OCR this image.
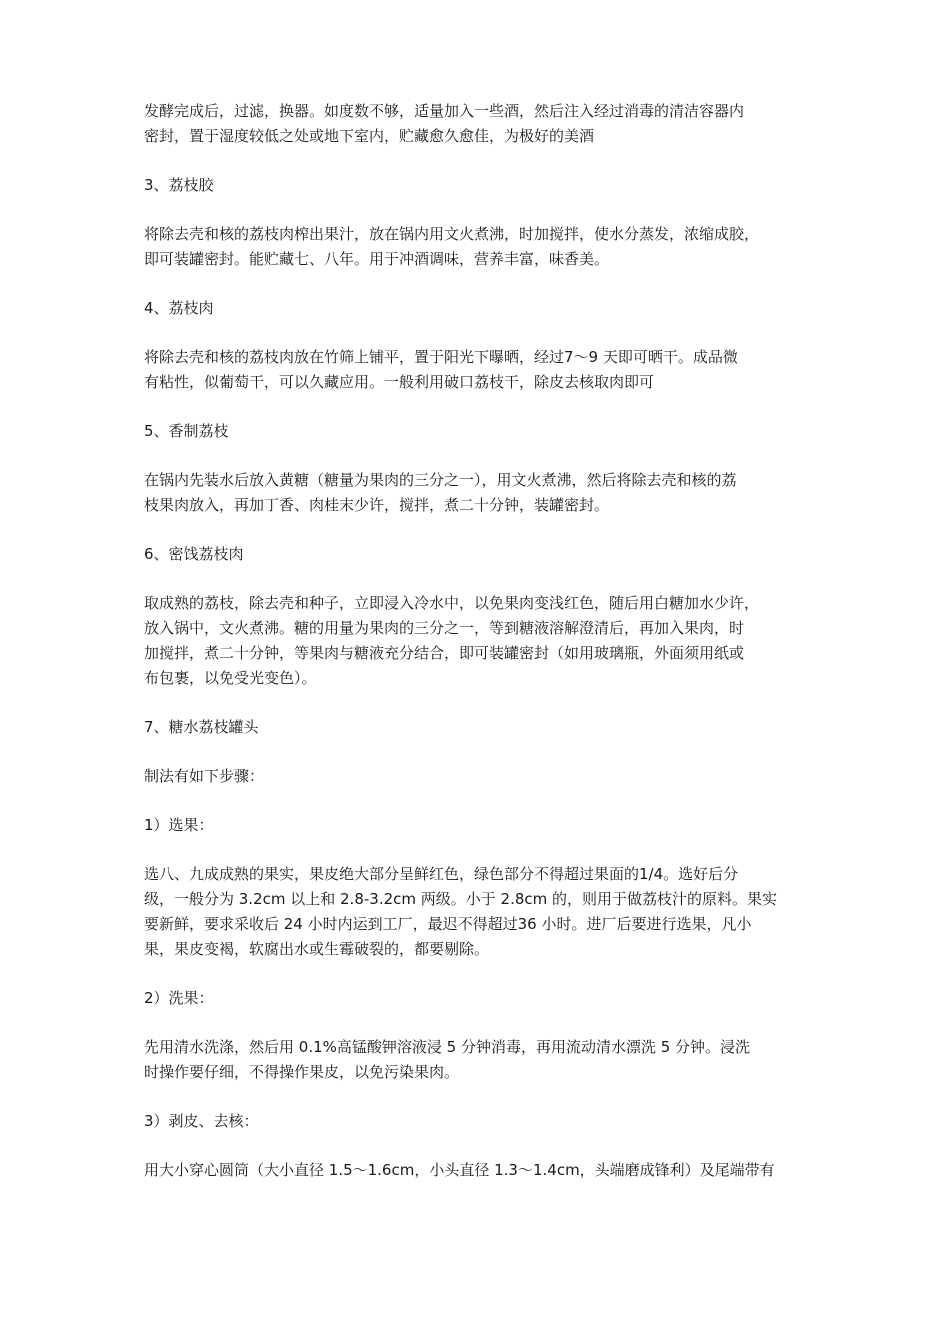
发酵完成后，过滤，换器。如度数不够，适量加入一些酒，然后注入经过消毒的清洁容器内
密封，置于湿度较低之处或地下室内，贮藏愈久愈佳，为极好的美酒

3、荔枝胶

将除去壳和核的荔枝肉榨出果汁，放在锅内用文火煮沸，时加搅拌，使水分蒸发，浓缩成胶，
即可装罐密封。能贮藏七、八年。用于冲酒调味，营养丰富，味香美。

4、荔枝肉

将除去壳和核的荔枝肉放在竹筛上铺平，置于阳光下曝晒，经过7～9 天即可晒干。成品微
有粘性，似葡萄干，可以久藏应用。一般利用破口荔枝干，除皮去核取肉即可

5、香制荔枝

在锅内先装水后放入黄糖（糖量为果肉的三分之一），用文火煮沸，然后将除去壳和核的荔
枝果肉放入，再加丁香、肉桂末少许，搅拌，煮二十分钟，装罐密封。

6、密饯荔枝肉

取成熟的荔枝，除去壳和种子，立即浸入冷水中，以免果肉变浅红色，随后用白糖加水少许，
放入锅中，文火煮沸。糖的用量为果肉的三分之一，等到糖液溶解澄清后，再加入果肉，时
加搅拌，煮二十分钟，等果肉与糖液充分结合，即可装罐密封（如用玻璃瓶，外面须用纸或
布包裹，以免受光变色）。

7、糖水荔枝罐头

制法有如下步骤：

1）选果：

选八、九成成熟的果实，果皮绝大部分呈鲜红色，绿色部分不得超过果面的1/4。选好后分
级，一般分为 3.2cm 以上和 2.8-3.2cm 两级。小于 2.8cm 的，则用于做荔枝汁的原料。果实
要新鲜，要求采收后 24 小时内运到工厂，最迟不得超过36 小时。进厂后要进行选果，凡小
果，果皮变褐，软腐出水或生霉破裂的，都要剔除。

2）洗果：

先用清水洗涤，然后用 0.1%高锰酸钾溶液浸 5 分钟消毒，再用流动清水漂洗 5 分钟。浸洗
时操作要仔细，不得操作果皮，以免污染果肉。

3）剥皮、去核：

用大小穿心圆筒（大小直径 1.5～1.6cm，小头直径 1.3～1.4cm，头端磨成锋利）及尾端带有
